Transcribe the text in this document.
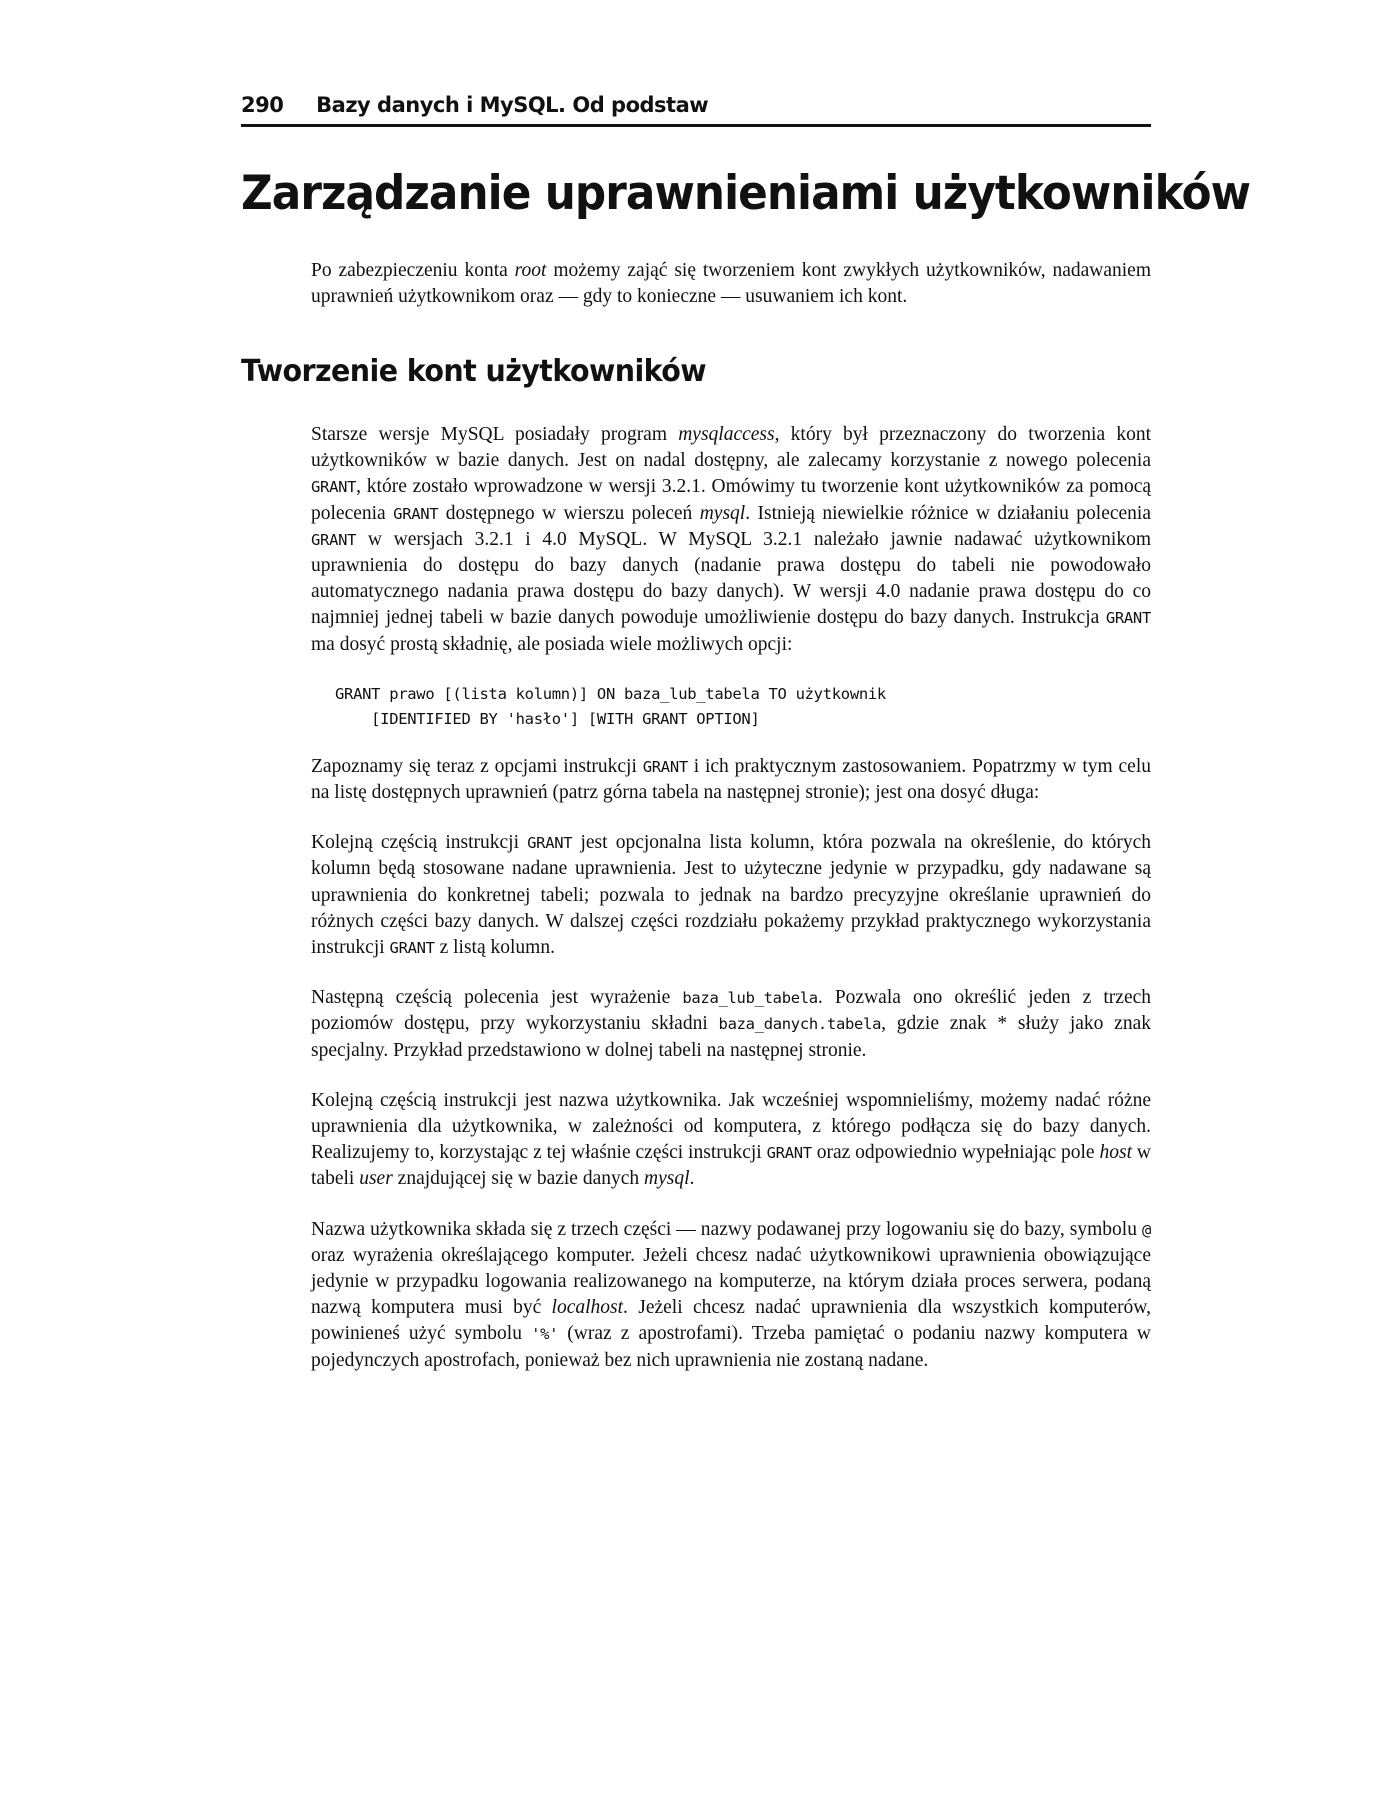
290 Bazy danych i MySQL. Od podstaw
Zarządzanie uprawnieniami użytkowników

Po zabezpieczeniu konta root możemy zająć się tworzeniem kont zwykłych użytkowników, nadawaniem uprawnień użytkownikom oraz — gdy to konieczne — usuwaniem ich kont.

Tworzenie kont użytkowników

Starsze wersje MySQL posiadały program mysqlaccess, który był przeznaczony do tworzenia kont użytkowników w bazie danych. Jest on nadal dostępny, ale zalecamy korzystanie z nowego polecenia GRANT, które zostało wprowadzone w wersji 3.2.1. Omówimy tu tworzenie kont użytkowników za pomocą polecenia GRANT dostępnego w wierszu poleceń mysql. Istnieją niewielkie różnice w działaniu polecenia GRANT w wersjach 3.2.1 i 4.0 MySQL. W MySQL 3.2.1 należało jawnie nadawać użytkownikom uprawnienia do dostępu do bazy danych (nadanie prawa dostępu do tabeli nie powodowało automatycznego nadania prawa dostępu do bazy danych). W wersji 4.0 nadanie prawa dostępu do co najmniej jednej tabeli w bazie danych powoduje umożliwienie dostępu do bazy danych. Instrukcja GRANT ma dosyć prostą składnię, ale posiada wiele możliwych opcji:

GRANT prawo [(lista kolumn)] ON baza_lub_tabela TO użytkownik
[IDENTIFIED BY 'hasło'] [WITH GRANT OPTION]

Zapoznamy się teraz z opcjami instrukcji GRANT i ich praktycznym zastosowaniem. Popatrzmy w tym celu na listę dostępnych uprawnień (patrz górna tabela na następnej stronie); jest ona dosyć długa:

Kolejną częścią instrukcji GRANT jest opcjonalna lista kolumn, która pozwala na określenie, do których kolumn będą stosowane nadane uprawnienia. Jest to użyteczne jedynie w przypadku, gdy nadawane są uprawnienia do konkretnej tabeli; pozwala to jednak na bardzo precyzyjne określanie uprawnień do różnych części bazy danych. W dalszej części rozdziału pokażemy przykład praktycznego wykorzystania instrukcji GRANT z listą kolumn.

Następną częścią polecenia jest wyrażenie baza_lub_tabela. Pozwala ono określić jeden z trzech poziomów dostępu, przy wykorzystaniu składni baza_danych.tabela, gdzie znak * służy jako znak specjalny. Przykład przedstawiono w dolnej tabeli na następnej stronie.

Kolejną częścią instrukcji jest nazwa użytkownika. Jak wcześniej wspomnieliśmy, możemy nadać różne uprawnienia dla użytkownika, w zależności od komputera, z którego podłącza się do bazy danych. Realizujemy to, korzystając z tej właśnie części instrukcji GRANT oraz odpowiednio wypełniając pole host w tabeli user znajdującej się w bazie danych mysql.

Nazwa użytkownika składa się z trzech części — nazwy podawanej przy logowaniu się do bazy, symbolu @ oraz wyrażenia określającego komputer. Jeżeli chcesz nadać użytkownikowi uprawnienia obowiązujące jedynie w przypadku logowania realizowanego na komputerze, na którym działa proces serwera, podaną nazwą komputera musi być localhost. Jeżeli chcesz nadać uprawnienia dla wszystkich komputerów, powinieneś użyć symbolu '%' (wraz z apostrofami). Trzeba pamiętać o podaniu nazwy komputera w pojedynczych apostrofach, ponieważ bez nich uprawnienia nie zostaną nadane.
